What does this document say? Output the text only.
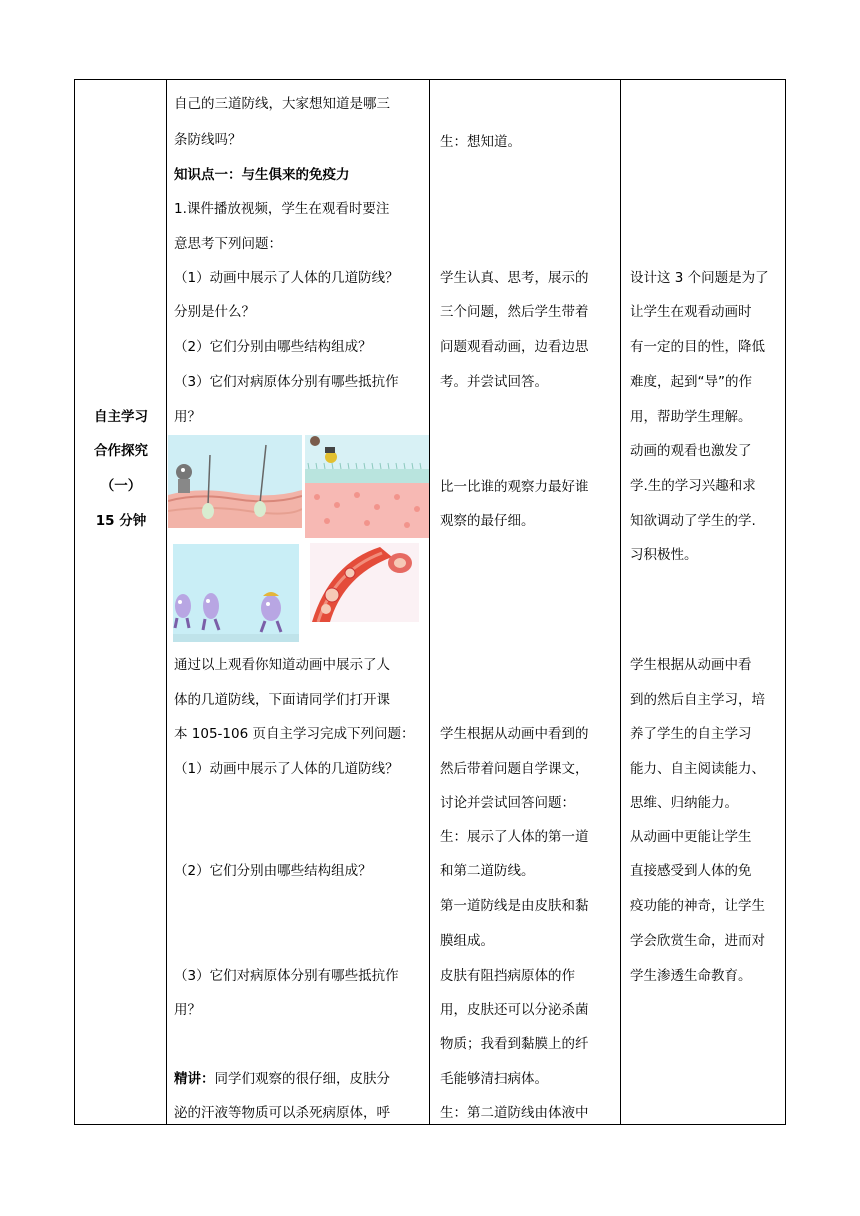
自主学习
合作探究
（一）
15 分钟
自己的三道防线，大家想知道是哪三
条防线吗？
知识点一：与生俱来的免疫力
1.课件播放视频，学生在观看时要注
意思考下列问题：
（1）动画中展示了人体的几道防线？
分别是什么？
（2）它们分别由哪些结构组成？
（3）它们对病原体分别有哪些抵抗作
用？
通过以上观看你知道动画中展示了人
体的几道防线，下面请同学们打开课
本 105-106 页自主学习完成下列问题：
（1）动画中展示了人体的几道防线？
（2）它们分别由哪些结构组成？
（3）它们对病原体分别有哪些抵抗作
用？
精讲：同学们观察的很仔细，皮肤分
泌的汗液等物质可以杀死病原体，呼
生：想知道。
学生认真、思考，展示的
三个问题，然后学生带着
问题观看动画，边看边思
考。并尝试回答。
比一比谁的观察力最好谁
观察的最仔细。
学生根据从动画中看到的
然后带着问题自学课文，
讨论并尝试回答问题：
生：展示了人体的第一道
和第二道防线。
第一道防线是由皮肤和黏
膜组成。
皮肤有阻挡病原体的作
用，皮肤还可以分泌杀菌
物质；我看到黏膜上的纤
毛能够清扫病体。
生：第二道防线由体液中
设计这 3 个问题是为了
让学生在观看动画时
有一定的目的性，降低
难度，起到“导”的作
用，帮助学生理解。
动画的观看也激发了
学.生的学习兴趣和求
知欲调动了学生的学.
习积极性。
学生根据从动画中看
到的然后自主学习，培
养了学生的自主学习
能力、自主阅读能力、
思维、归纳能力。
从动画中更能让学生
直接感受到人体的免
疫功能的神奇，让学生
学会欣赏生命，进而对
学生渗透生命教育。
